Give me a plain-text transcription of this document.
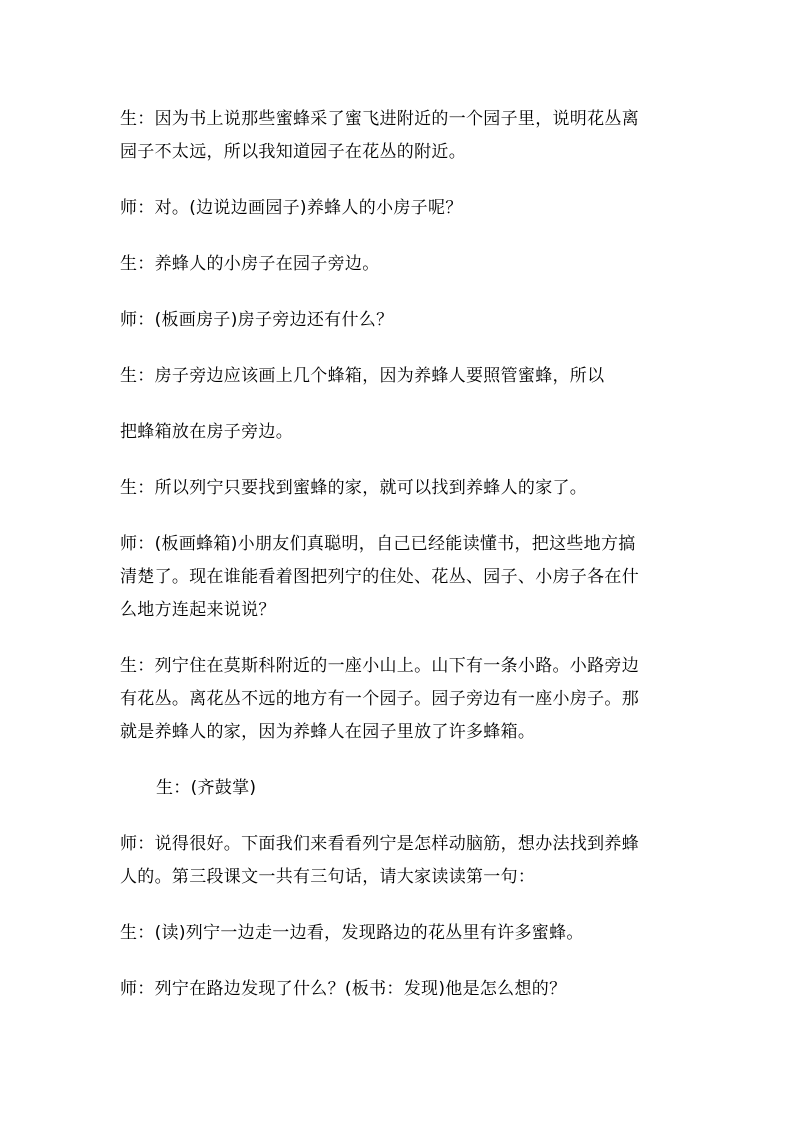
生：因为书上说那些蜜蜂采了蜜飞进附近的一个园子里，说明花丛离
园子不太远，所以我知道园子在花丛的附近。

师：对。(边说边画园子)养蜂人的小房子呢？

生：养蜂人的小房子在园子旁边。

师：(板画房子)房子旁边还有什么？

生：房子旁边应该画上几个蜂箱，因为养蜂人要照管蜜蜂，所以

把蜂箱放在房子旁边。

生：所以列宁只要找到蜜蜂的家，就可以找到养蜂人的家了。

师：(板画蜂箱)小朋友们真聪明，自己已经能读懂书，把这些地方搞
清楚了。现在谁能看着图把列宁的住处、花丛、园子、小房子各在什
么地方连起来说说？

生：列宁住在莫斯科附近的一座小山上。山下有一条小路。小路旁边
有花丛。离花丛不远的地方有一个园子。园子旁边有一座小房子。那
就是养蜂人的家，因为养蜂人在园子里放了许多蜂箱。

生：(齐鼓掌)

师：说得很好。下面我们来看看列宁是怎样动脑筋，想办法找到养蜂
人的。第三段课文一共有三句话，请大家读读第一句：

生：(读)列宁一边走一边看，发现路边的花丛里有许多蜜蜂。

师：列宁在路边发现了什么？(板书：发现)他是怎么想的？
